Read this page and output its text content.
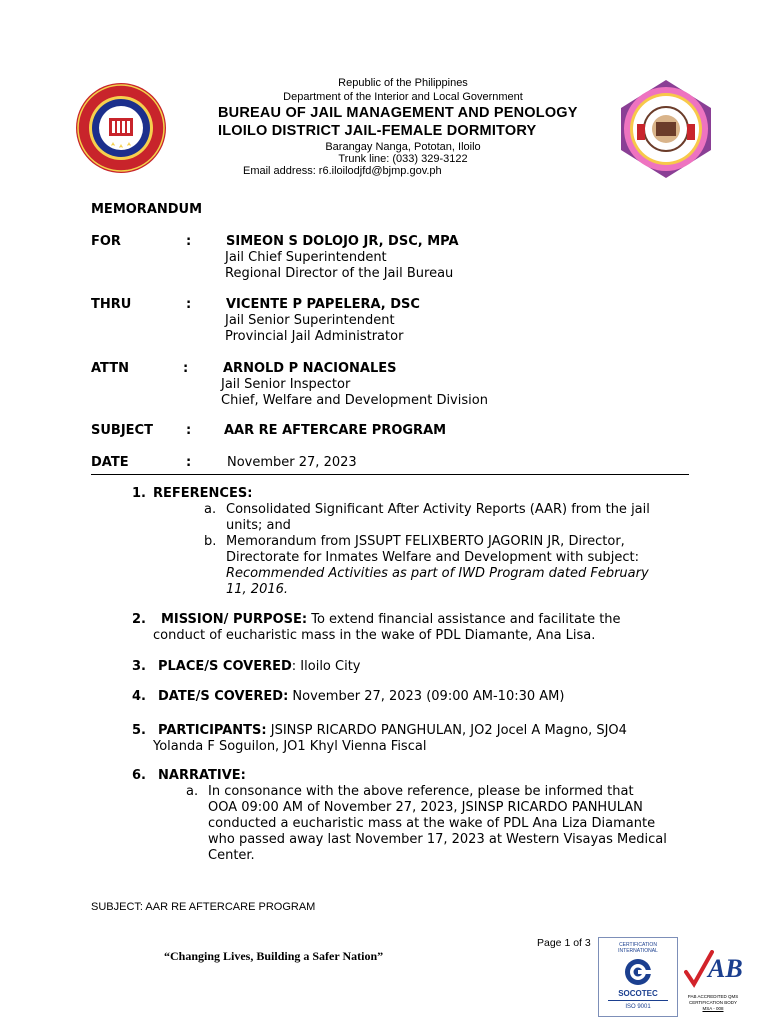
Republic of the Philippines
Department of the Interior and Local Government
BUREAU OF JAIL MANAGEMENT AND PENOLOGY
ILOILO DISTRICT JAIL-FEMALE DORMITORY
Barangay Nanga, Pototan, Iloilo
Trunk line: (033) 329-3122
Email address: r6.iloilodjfd@bjmp.gov.ph
MEMORANDUM
FOR	:	SIMEON S DOLOJO JR, DSC, MPA
Jail Chief Superintendent
Regional Director of the Jail Bureau
THRU	:	VICENTE P PAPELERA, DSC
Jail Senior Superintendent
Provincial Jail Administrator
ATTN	:	ARNOLD P NACIONALES
Jail Senior Inspector
Chief, Welfare and Development Division
SUBJECT	:	AAR RE AFTERCARE PROGRAM
DATE	:	November 27, 2023
1. REFERENCES:
a. Consolidated Significant After Activity Reports (AAR) from the jail
units; and
b. Memorandum from JSSUPT FELIXBERTO JAGORIN JR, Director,
Directorate for Inmates Welfare and Development with subject:
Recommended Activities as part of IWD Program dated February
11, 2016.
2. MISSION/ PURPOSE: To extend financial assistance and facilitate the
conduct of eucharistic mass in the wake of PDL Diamante, Ana Lisa.
3. PLACE/S COVERED: Iloilo City
4. DATE/S COVERED: November 27, 2023 (09:00 AM-10:30 AM)
5. PARTICIPANTS: JSINSP RICARDO PANGHULAN, JO2 Jocel A Magno, SJO4
Yolanda F Soguilon, JO1 Khyl Vienna Fiscal
6. NARRATIVE:
a. In consonance with the above reference, please be informed that
OOA 09:00 AM of November 27, 2023, JSINSP RICARDO PANHULAN
conducted a eucharistic mass at the wake of PDL Ana Liza Diamante
who passed away last November 17, 2023 at Western Visayas Medical
Center.
SUBJECT: AAR RE AFTERCARE PROGRAM
“Changing Lives, Building a Safer Nation”
Page 1 of 3	CERTIFICATION INTERNATIONAL
SOCOTEC
ISO 9001
AB
PAB ACCREDITED QMS
CERTIFICATION BODY
MSA - 008
